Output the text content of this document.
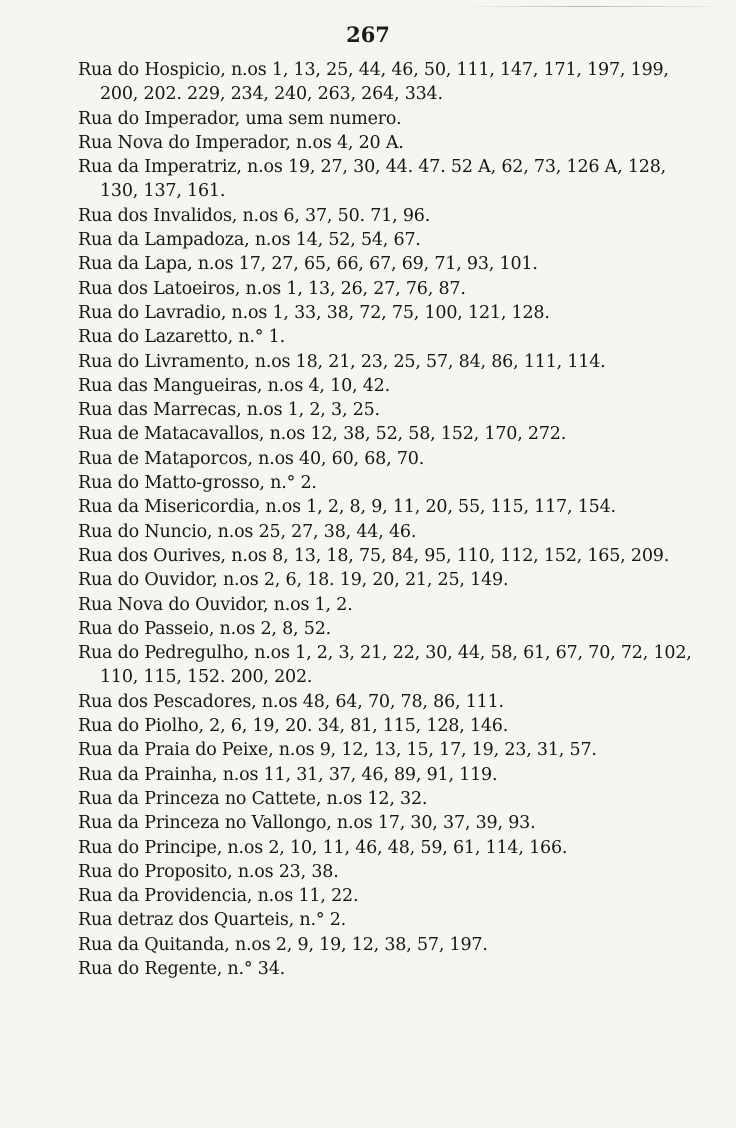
267

Rua do Hospicio, n.os 1, 13, 25, 44, 46, 50, 111, 147, 171, 197, 199, 200, 202. 229, 234, 240, 263, 264, 334.

Rua do Imperador, uma sem numero.

Rua Nova do Imperador, n.os 4, 20 A.

Rua da Imperatriz, n.os 19, 27, 30, 44. 47. 52 A, 62, 73, 126 A, 128, 130, 137, 161.

Rua dos Invalidos, n.os 6, 37, 50. 71, 96.

Rua da Lampadoza, n.os 14, 52, 54, 67.

Rua da Lapa, n.os 17, 27, 65, 66, 67, 69, 71, 93, 101.

Rua dos Latoeiros, n.os 1, 13, 26, 27, 76, 87.

Rua do Lavradio, n.os 1, 33, 38, 72, 75, 100, 121, 128.

Rua do Lazaretto, n.° 1.

Rua do Livramento, n.os 18, 21, 23, 25, 57, 84, 86, 111, 114.

Rua das Mangueiras, n.os 4, 10, 42.

Rua das Marrecas, n.os 1, 2, 3, 25.

Rua de Matacavallos, n.os 12, 38, 52, 58, 152, 170, 272.

Rua de Mataporcos, n.os 40, 60, 68, 70.

Rua do Matto-grosso, n.° 2.

Rua da Misericordia, n.os 1, 2, 8, 9, 11, 20, 55, 115, 117, 154.

Rua do Nuncio, n.os 25, 27, 38, 44, 46.

Rua dos Ourives, n.os 8, 13, 18, 75, 84, 95, 110, 112, 152, 165, 209.

Rua do Ouvidor, n.os 2, 6, 18. 19, 20, 21, 25, 149.

Rua Nova do Ouvidor, n.os 1, 2.

Rua do Passeio, n.os 2, 8, 52.

Rua do Pedregulho, n.os 1, 2, 3, 21, 22, 30, 44, 58, 61, 67, 70, 72, 102, 110, 115, 152. 200, 202.

Rua dos Pescadores, n.os 48, 64, 70, 78, 86, 111.

Rua do Piolho, 2, 6, 19, 20. 34, 81, 115, 128, 146.

Rua da Praia do Peixe, n.os 9, 12, 13, 15, 17, 19, 23, 31, 57.

Rua da Prainha, n.os 11, 31, 37, 46, 89, 91, 119.

Rua da Princeza no Cattete, n.os 12, 32.

Rua da Princeza no Vallongo, n.os 17, 30, 37, 39, 93.

Rua do Principe, n.os 2, 10, 11, 46, 48, 59, 61, 114, 166.

Rua do Proposito, n.os 23, 38.

Rua da Providencia, n.os 11, 22.

Rua detraz dos Quarteis, n.° 2.

Rua da Quitanda, n.os 2, 9, 19, 12, 38, 57, 197.

Rua do Regente, n.° 34.
